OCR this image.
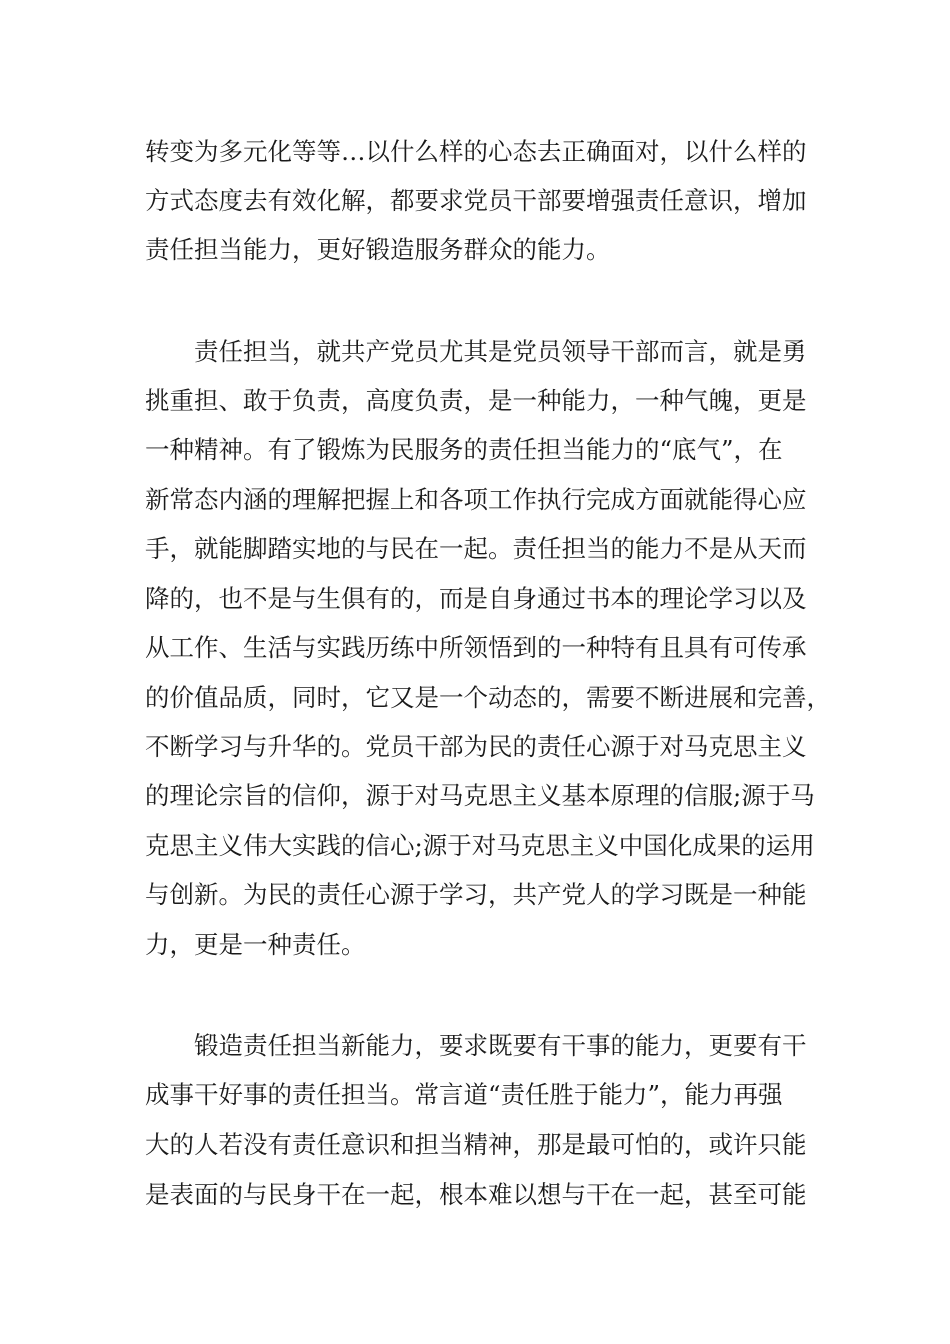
转变为多元化等等…以什么样的心态去正确面对，以什么样的
方式态度去有效化解，都要求党员干部要增强责任意识，增加
责任担当能力，更好锻造服务群众的能力。
责任担当，就共产党员尤其是党员领导干部而言，就是勇
挑重担、敢于负责，高度负责，是一种能力，一种气魄，更是
一种精神。有了锻炼为民服务的责任担当能力的“底气”，在
新常态内涵的理解把握上和各项工作执行完成方面就能得心应
手，就能脚踏实地的与民在一起。责任担当的能力不是从天而
降的，也不是与生俱有的，而是自身通过书本的理论学习以及
从工作、生活与实践历练中所领悟到的一种特有且具有可传承
的价值品质，同时，它又是一个动态的，需要不断进展和完善，
不断学习与升华的。党员干部为民的责任心源于对马克思主义
的理论宗旨的信仰，源于对马克思主义基本原理的信服;源于马
克思主义伟大实践的信心;源于对马克思主义中国化成果的运用
与创新。为民的责任心源于学习，共产党人的学习既是一种能
力，更是一种责任。
锻造责任担当新能力，要求既要有干事的能力，更要有干
成事干好事的责任担当。常言道“责任胜于能力”，能力再强
大的人若没有责任意识和担当精神，那是最可怕的，或许只能
是表面的与民身干在一起，根本难以想与干在一起，甚至可能
